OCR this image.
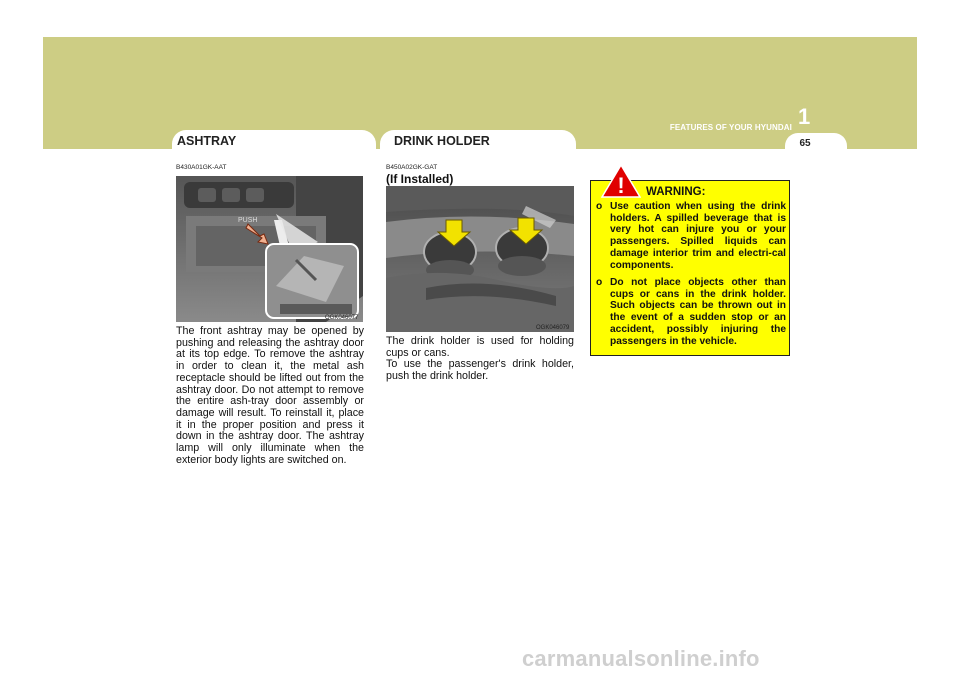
FEATURES OF YOUR HYUNDAI 1
65
ASHTRAY	DRINK HOLDER
B430A01GK-AAT
PUSH
OGK046077

The front ashtray may be opened by pushing and releasing the ashtray door at its top edge. To remove the ashtray in order to clean it, the metal ash receptacle should be lifted out from the ashtray door. Do not attempt to remove the entire ash-tray door assembly or damage will result. To reinstall it, place it in the proper position and press it down in the ashtray door. The ashtray lamp will only illuminate when the exterior body lights are switched on.

B450A02GK-GAT
(If Installed)
OGK046079

The drink holder is used for holding cups or cans.

To use the passenger's drink holder, push the drink holder.

!	WARNING:
o Use caution when using the drink holders. A spilled beverage that is very hot can injure you or your passengers. Spilled liquids can damage interior trim and electri-cal components.
o Do not place objects other than cups or cans in the drink holder. Such objects can be thrown out in the event of a sudden stop or an accident, possibly injuring the passengers in the vehicle.
carmanualsonline.info
